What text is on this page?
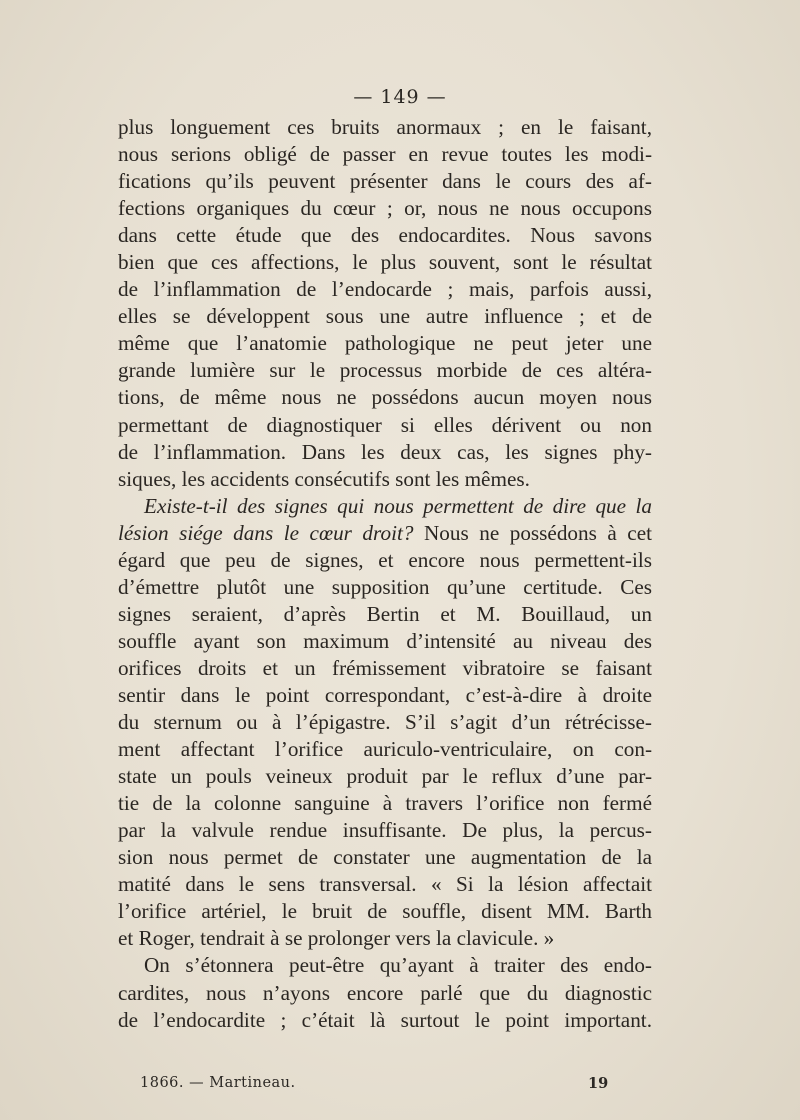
— 149 —
plus longuement ces bruits anormaux ; en le faisant,
nous serions obligé de passer en revue toutes les modi-
fications qu’ils peuvent présenter dans le cours des af-
fections organiques du cœur ; or, nous ne nous occupons
dans cette étude que des endocardites. Nous savons
bien que ces affections, le plus souvent, sont le résultat
de l’inflammation de l’endocarde ; mais, parfois aussi,
elles se développent sous une autre influence ; et de
même que l’anatomie pathologique ne peut jeter une
grande lumière sur le processus morbide de ces altéra-
tions, de même nous ne possédons aucun moyen nous
permettant de diagnostiquer si elles dérivent ou non
de l’inflammation. Dans les deux cas, les signes phy-
siques, les accidents consécutifs sont les mêmes.
Existe-t-il des signes qui nous permettent de dire que la
lésion siége dans le cœur droit? Nous ne possédons à cet
égard que peu de signes, et encore nous permettent-ils
d’émettre plutôt une supposition qu’une certitude. Ces
signes seraient, d’après Bertin et M. Bouillaud, un
souffle ayant son maximum d’intensité au niveau des
orifices droits et un frémissement vibratoire se faisant
sentir dans le point correspondant, c’est-à-dire à droite
du sternum ou à l’épigastre. S’il s’agit d’un rétrécisse-
ment affectant l’orifice auriculo-ventriculaire, on con-
state un pouls veineux produit par le reflux d’une par-
tie de la colonne sanguine à travers l’orifice non fermé
par la valvule rendue insuffisante. De plus, la percus-
sion nous permet de constater une augmentation de la
matité dans le sens transversal. « Si la lésion affectait
l’orifice artériel, le bruit de souffle, disent MM. Barth
et Roger, tendrait à se prolonger vers la clavicule. »
On s’étonnera peut-être qu’ayant à traiter des endo-
cardites, nous n’ayons encore parlé que du diagnostic
de l’endocardite ; c’était là surtout le point important.
1866. — Martineau.	19
